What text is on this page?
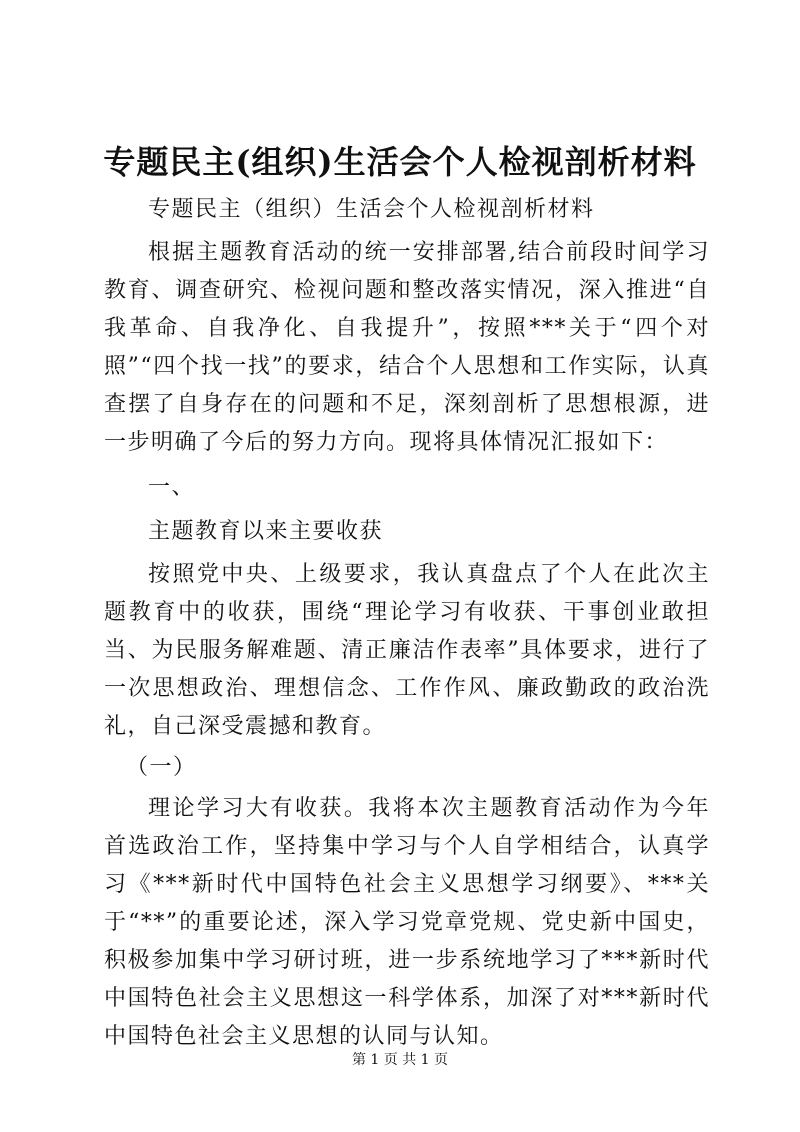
专题民主(组织)生活会个人检视剖析材料

专题民主（组织）生活会个人检视剖析材料

根据主题教育活动的统一安排部署,结合前段时间学习教育、调查研究、检视问题和整改落实情况，深入推进“自我革命、自我净化、自我提升”，按照***关于“四个对照”“四个找一找”的要求，结合个人思想和工作实际，认真查摆了自身存在的问题和不足，深刻剖析了思想根源，进一步明确了今后的努力方向。现将具体情况汇报如下：

一、

主题教育以来主要收获

按照党中央、上级要求，我认真盘点了个人在此次主题教育中的收获，围绕“理论学习有收获、干事创业敢担当、为民服务解难题、清正廉洁作表率”具体要求，进行了一次思想政治、理想信念、工作作风、廉政勤政的政治洗礼，自己深受震撼和教育。

（一）

理论学习大有收获。我将本次主题教育活动作为今年首选政治工作，坚持集中学习与个人自学相结合，认真学习《***新时代中国特色社会主义思想学习纲要》、***关于“**”的重要论述，深入学习党章党规、党史新中国史，积极参加集中学习研讨班，进一步系统地学习了***新时代中国特色社会主义思想这一科学体系，加深了对***新时代中国特色社会主义思想的认同与认知。

第 1 页 共 1 页
